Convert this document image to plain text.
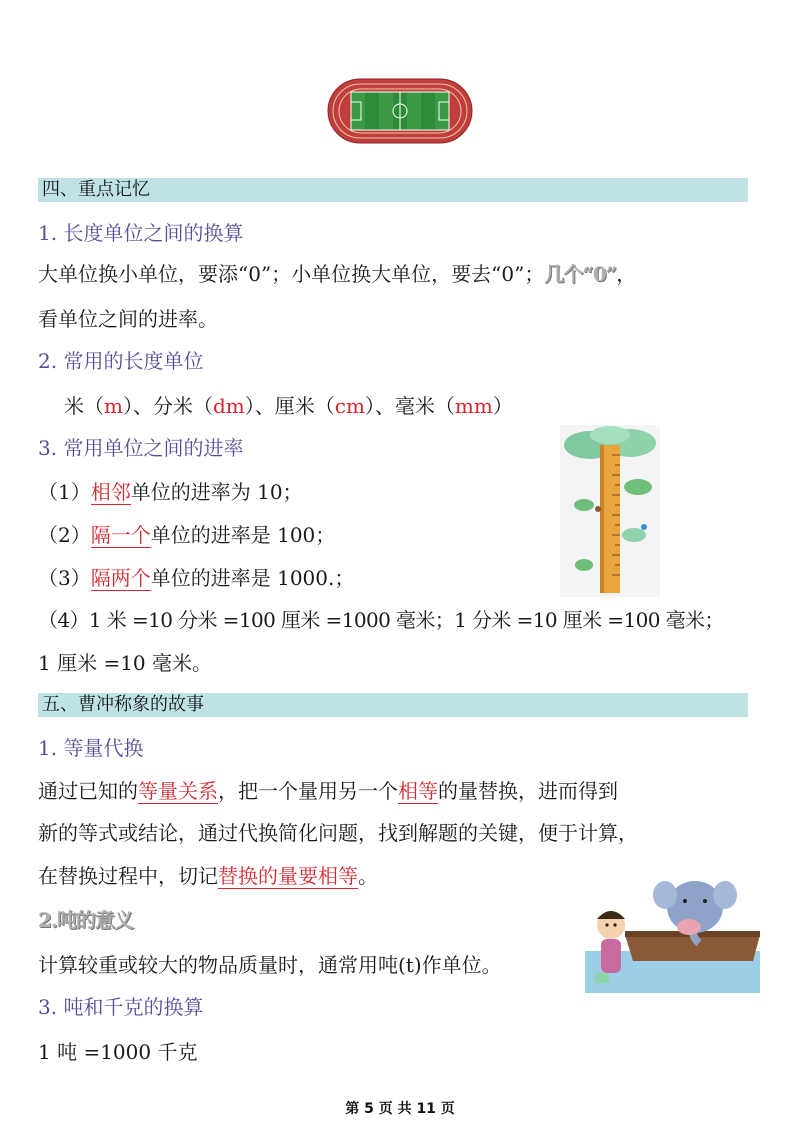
四、重点记忆
1. 长度单位之间的换算
大单位换小单位，要添“0”；小单位换大单位，要去“0”；几个“0”，
看单位之间的进率。
2. 常用的长度单位
米（m）、分米（dm）、厘米（cm）、毫米（mm）
3. 常用单位之间的进率
（1）相邻单位的进率为 10；
（2）隔一个单位的进率是 100；
（3）隔两个单位的进率是 1000.；
（4）1 米 =10 分米 =100 厘米 =1000 毫米；1 分米 =10 厘米 =100 毫米；
1 厘米 =10 毫米。
五、曹冲称象的故事
1. 等量代换
通过已知的等量关系，把一个量用另一个相等的量替换，进而得到
新的等式或结论，通过代换简化问题，找到解题的关键，便于计算，
在替换过程中，切记替换的量要相等。
2.吨的意义
计算较重或较大的物品质量时，通常用吨(t)作单位。
3. 吨和千克的换算
1 吨 =1000 千克
第 5 页 共 11 页
